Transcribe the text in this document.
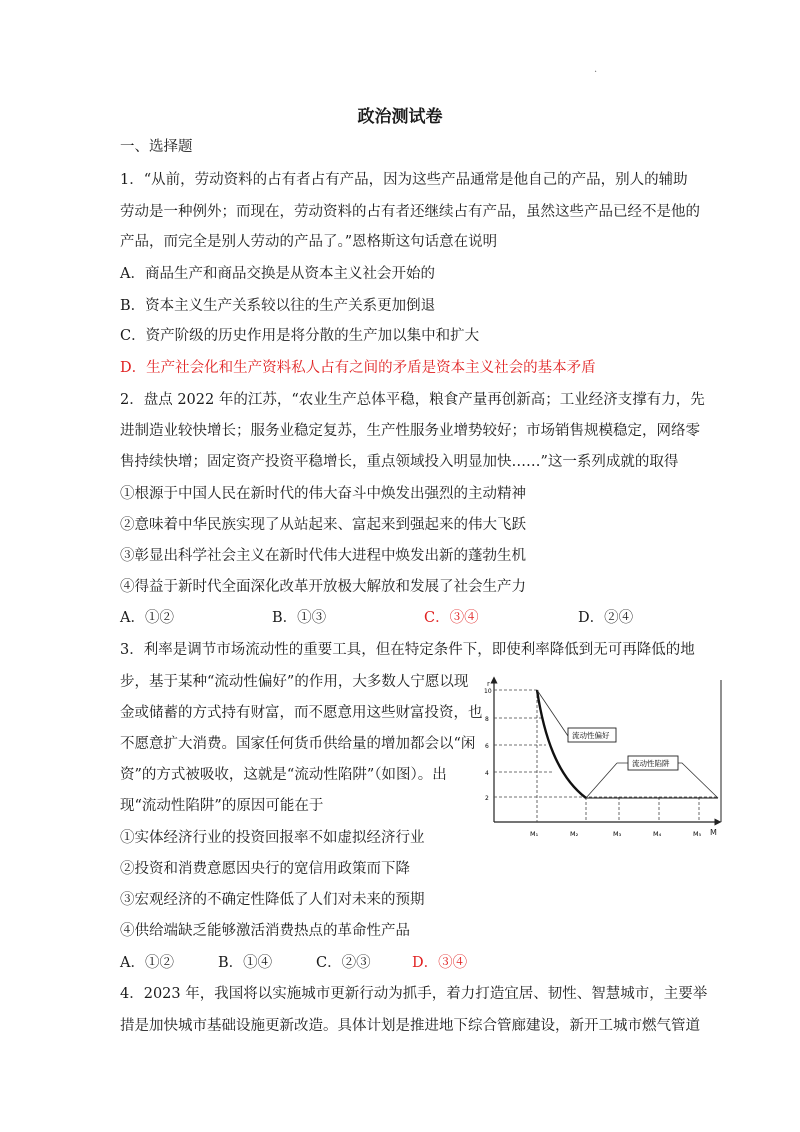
.
政治测试卷
一、选择题
1．“从前，劳动资料的占有者占有产品，因为这些产品通常是他自己的产品，别人的辅助
劳动是一种例外；而现在，劳动资料的占有者还继续占有产品，虽然这些产品已经不是他的
产品，而完全是别人劳动的产品了。”恩格斯这句话意在说明
A．商品生产和商品交换是从资本主义社会开始的
B．资本主义生产关系较以往的生产关系更加倒退
C．资产阶级的历史作用是将分散的生产加以集中和扩大
D．生产社会化和生产资料私人占有之间的矛盾是资本主义社会的基本矛盾
2．盘点 2022 年的江苏，“农业生产总体平稳，粮食产量再创新高；工业经济支撑有力，先
进制造业较快增长；服务业稳定复苏，生产性服务业增势较好；市场销售规模稳定，网络零
售持续快增；固定资产投资平稳增长，重点领域投入明显加快……”这一系列成就的取得
①根源于中国人民在新时代的伟大奋斗中焕发出强烈的主动精神
②意味着中华民族实现了从站起来、富起来到强起来的伟大飞跃
③彰显出科学社会主义在新时代伟大进程中焕发出新的蓬勃生机
④得益于新时代全面深化改革开放极大解放和发展了社会生产力
A．①②	B．①③	C．③④	D．②④
3．利率是调节市场流动性的重要工具，但在特定条件下，即使利率降低到无可再降低的地
步，基于某种“流动性偏好”的作用，大多数人宁愿以现
金或储蓄的方式持有财富，而不愿意用这些财富投资，也
不愿意扩大消费。国家任何货币供给量的增加都会以“闲
资”的方式被吸收，这就是“流动性陷阱”（如图）。出
现“流动性陷阱”的原因可能在于
①实体经济行业的投资回报率不如虚拟经济行业
②投资和消费意愿因央行的宽信用政策而下降
③宏观经济的不确定性降低了人们对未来的预期
④供给端缺乏能够激活消费热点的革命性产品
A．①②	B．①④	C．②③	D．③④
r
M
10
8
6
4
2
M₁	M₂	M₃	M₄	M₅
流动性偏好
流动性陷阱
4．2023 年，我国将以实施城市更新行动为抓手，着力打造宜居、韧性、智慧城市，主要举
措是加快城市基础设施更新改造。具体计划是推进地下综合管廊建设，新开工城市燃气管道
